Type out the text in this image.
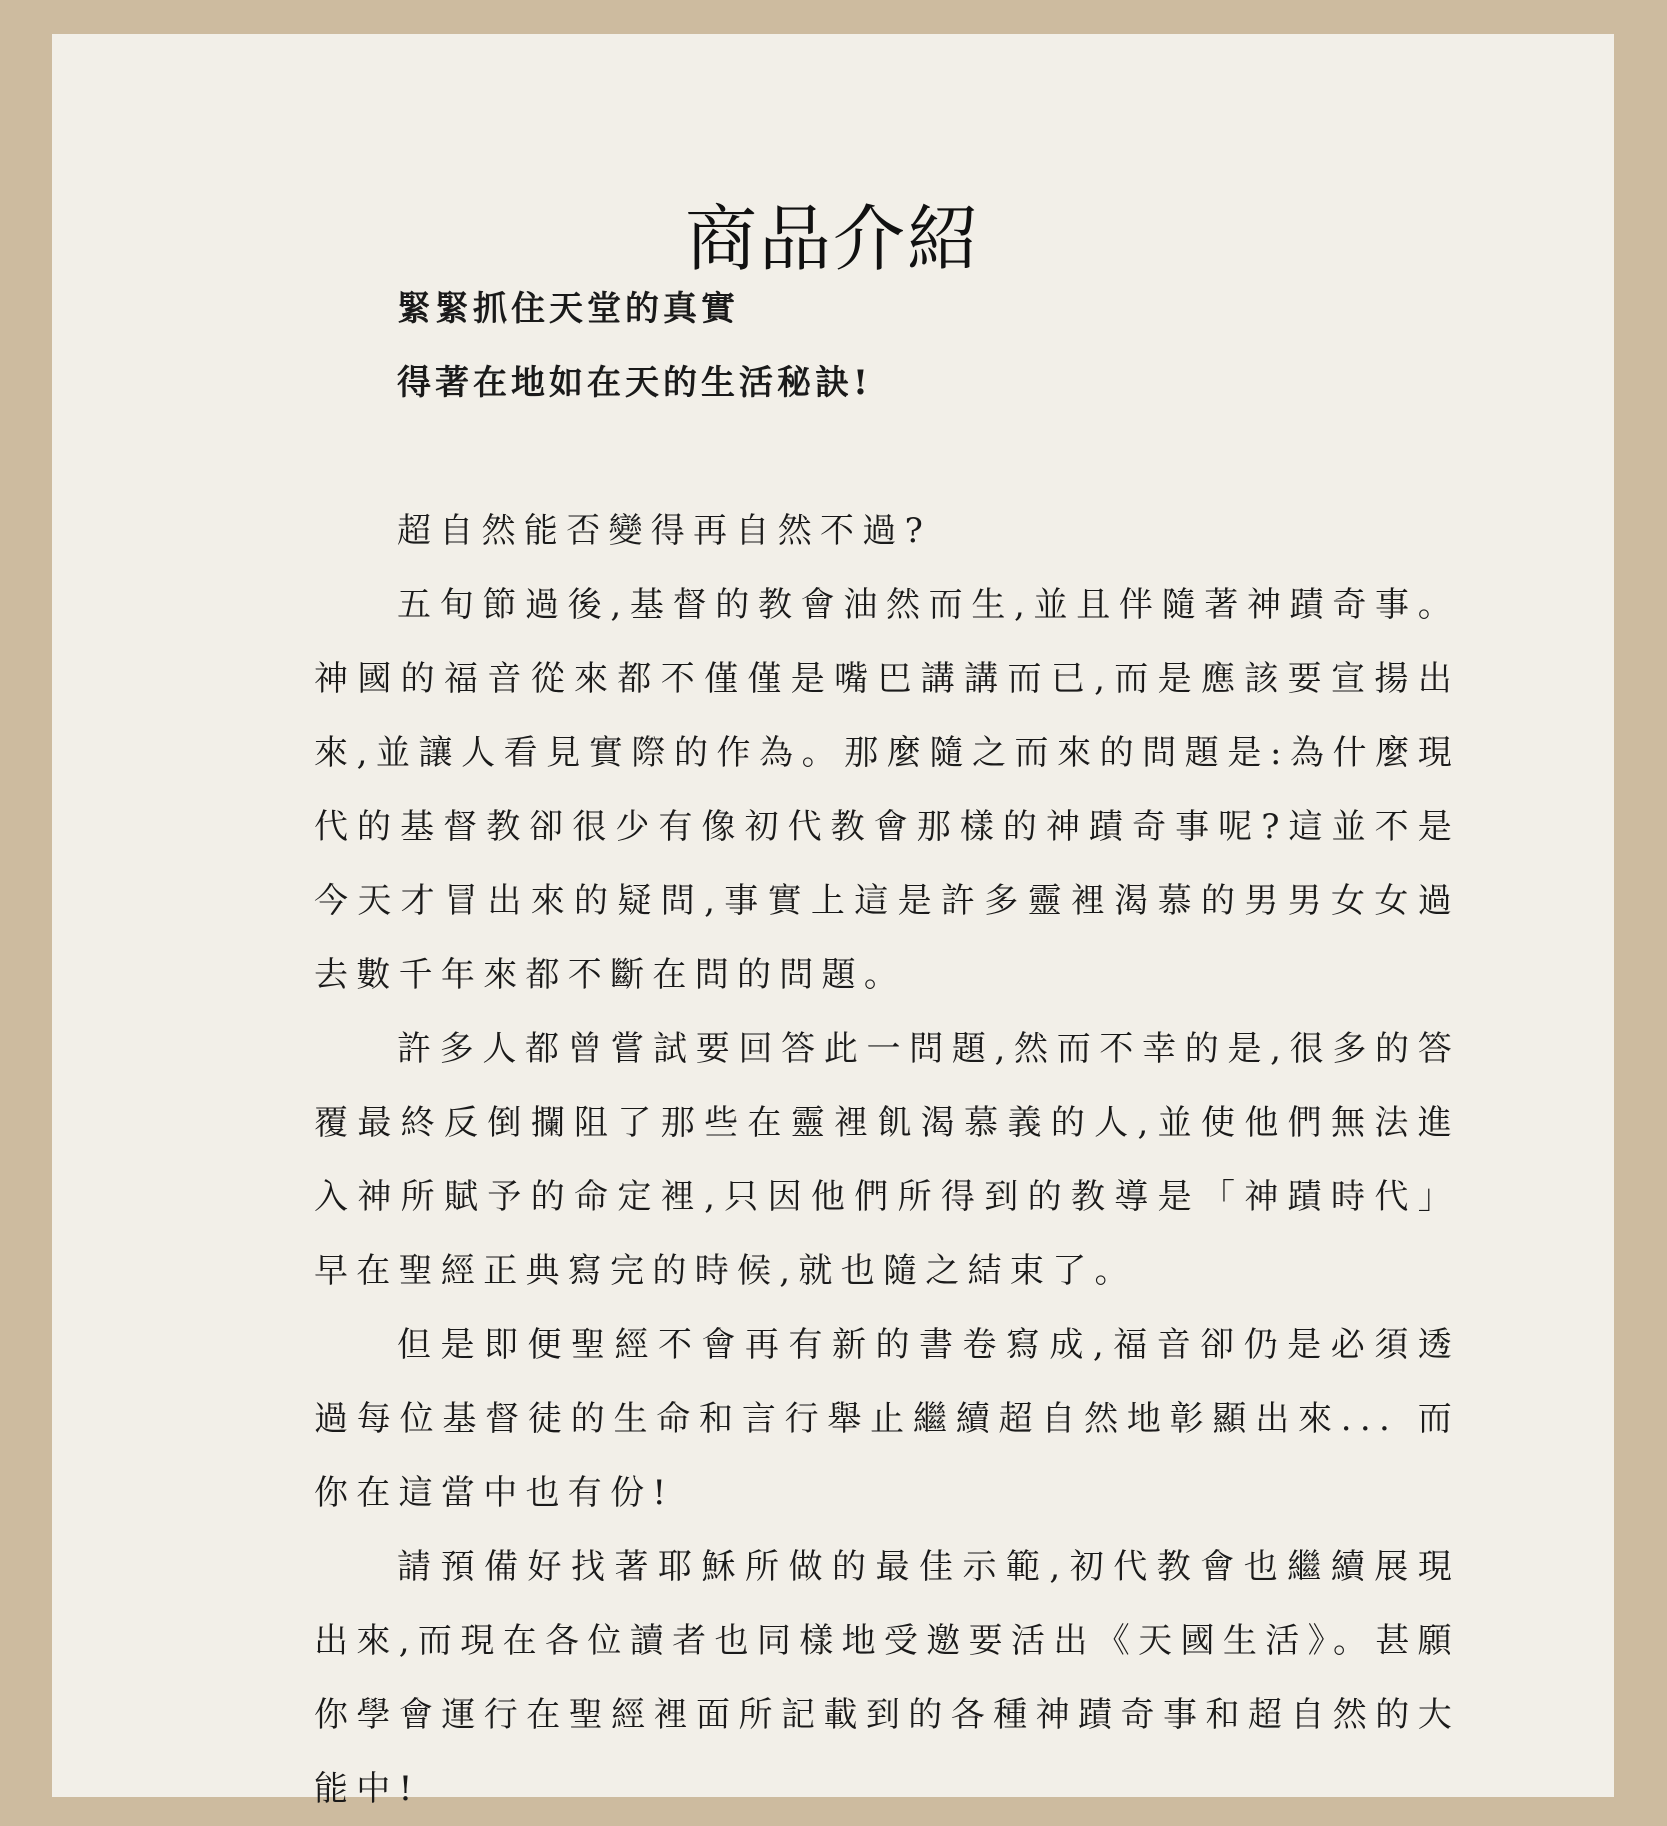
商品介紹

緊緊抓住天堂的真實

得著在地如在天的生活秘訣!

超自然能否變得再自然不過?

五旬節過後,基督的教會油然而生,並且伴隨著神蹟奇事。神國的福音從來都不僅僅是嘴巴講講而已,而是應該要宣揚出來,並讓人看見實際的作為。那麼隨之而來的問題是:為什麼現代的基督教卻很少有像初代教會那樣的神蹟奇事呢?這並不是今天才冒出來的疑問,事實上這是許多靈裡渴慕的男男女女過去數千年來都不斷在問的問題。

許多人都曾嘗試要回答此一問題,然而不幸的是,很多的答覆最終反倒攔阻了那些在靈裡飢渴慕義的人,並使他們無法進入神所賦予的命定裡,只因他們所得到的教導是「神蹟時代」早在聖經正典寫完的時候,就也隨之結束了。

但是即便聖經不會再有新的書卷寫成,福音卻仍是必須透過每位基督徒的生命和言行舉止繼續超自然地彰顯出來... 而你在這當中也有份!

請預備好找著耶穌所做的最佳示範,初代教會也繼續展現出來,而現在各位讀者也同樣地受邀要活出《天國生活》。甚願你學會運行在聖經裡面所記載到的各種神蹟奇事和超自然的大能中!
